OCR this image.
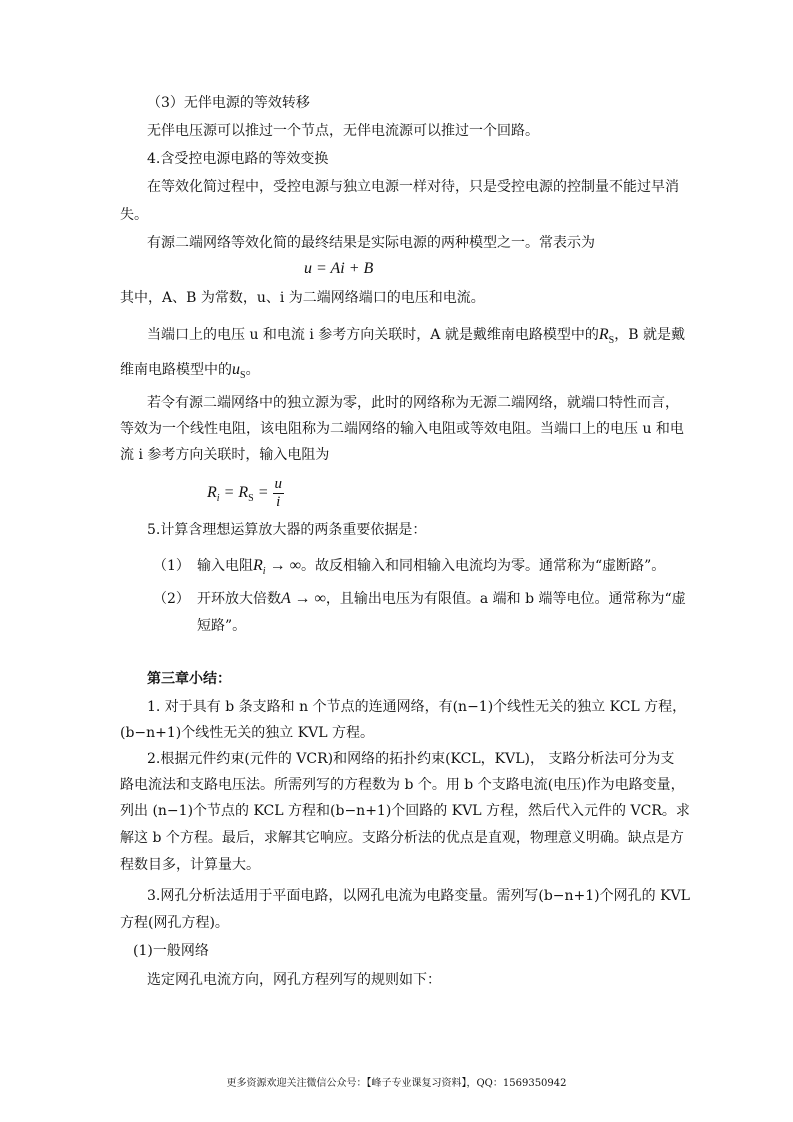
（3）无伴电源的等效转移
无伴电压源可以推过一个节点，无伴电流源可以推过一个回路。
4.含受控电源电路的等效变换
在等效化简过程中，受控电源与独立电源一样对待，只是受控电源的控制量不能过早消
失。
有源二端网络等效化简的最终结果是实际电源的两种模型之一。常表示为
u = Ai + B
其中，A、B 为常数，u、i 为二端网络端口的电压和电流。
当端口上的电压 u 和电流 i 参考方向关联时，A 就是戴维南电路模型中的$R_S$，B 就是戴
维南电路模型中的$u_S$。
若令有源二端网络中的独立源为零，此时的网络称为无源二端网络，就端口特性而言，
等效为一个线性电阻，该电阻称为二端网络的输入电阻或等效电阻。当端口上的电压 u 和电
流 i 参考方向关联时，输入电阻为
$R_i = R_S = \frac{u}{i}$
5.计算含理想运算放大器的两条重要依据是：
（1） 输入电阻$R_i$ → ∞。故反相输入和同相输入电流均为零。通常称为“虚断路”。
（2） 开环放大倍数A → ∞，且输出电压为有限值。a 端和 b 端等电位。通常称为“虚
短路”。
第三章小结：
1. 对于具有 b 条支路和 n 个节点的连通网络，有(n−1)个线性无关的独立 KCL 方程，
(b−n+1)个线性无关的独立 KVL 方程。
2.根据元件约束(元件的 VCR)和网络的拓扑约束(KCL，KVL)， 支路分析法可分为支
路电流法和支路电压法。所需列写的方程数为 b 个。用 b 个支路电流(电压)作为电路变量，
列出 (n−1)个节点的 KCL 方程和(b−n+1)个回路的 KVL 方程，然后代入元件的 VCR。求
解这 b 个方程。最后，求解其它响应。支路分析法的优点是直观，物理意义明确。缺点是方
程数目多，计算量大。
3.网孔分析法适用于平面电路，以网孔电流为电路变量。需列写(b−n+1)个网孔的 KVL
方程(网孔方程)。
(1)一般网络
选定网孔电流方向，网孔方程列写的规则如下：
更多资源欢迎关注微信公众号：【峰子专业课复习资料】，QQ：1569350942
